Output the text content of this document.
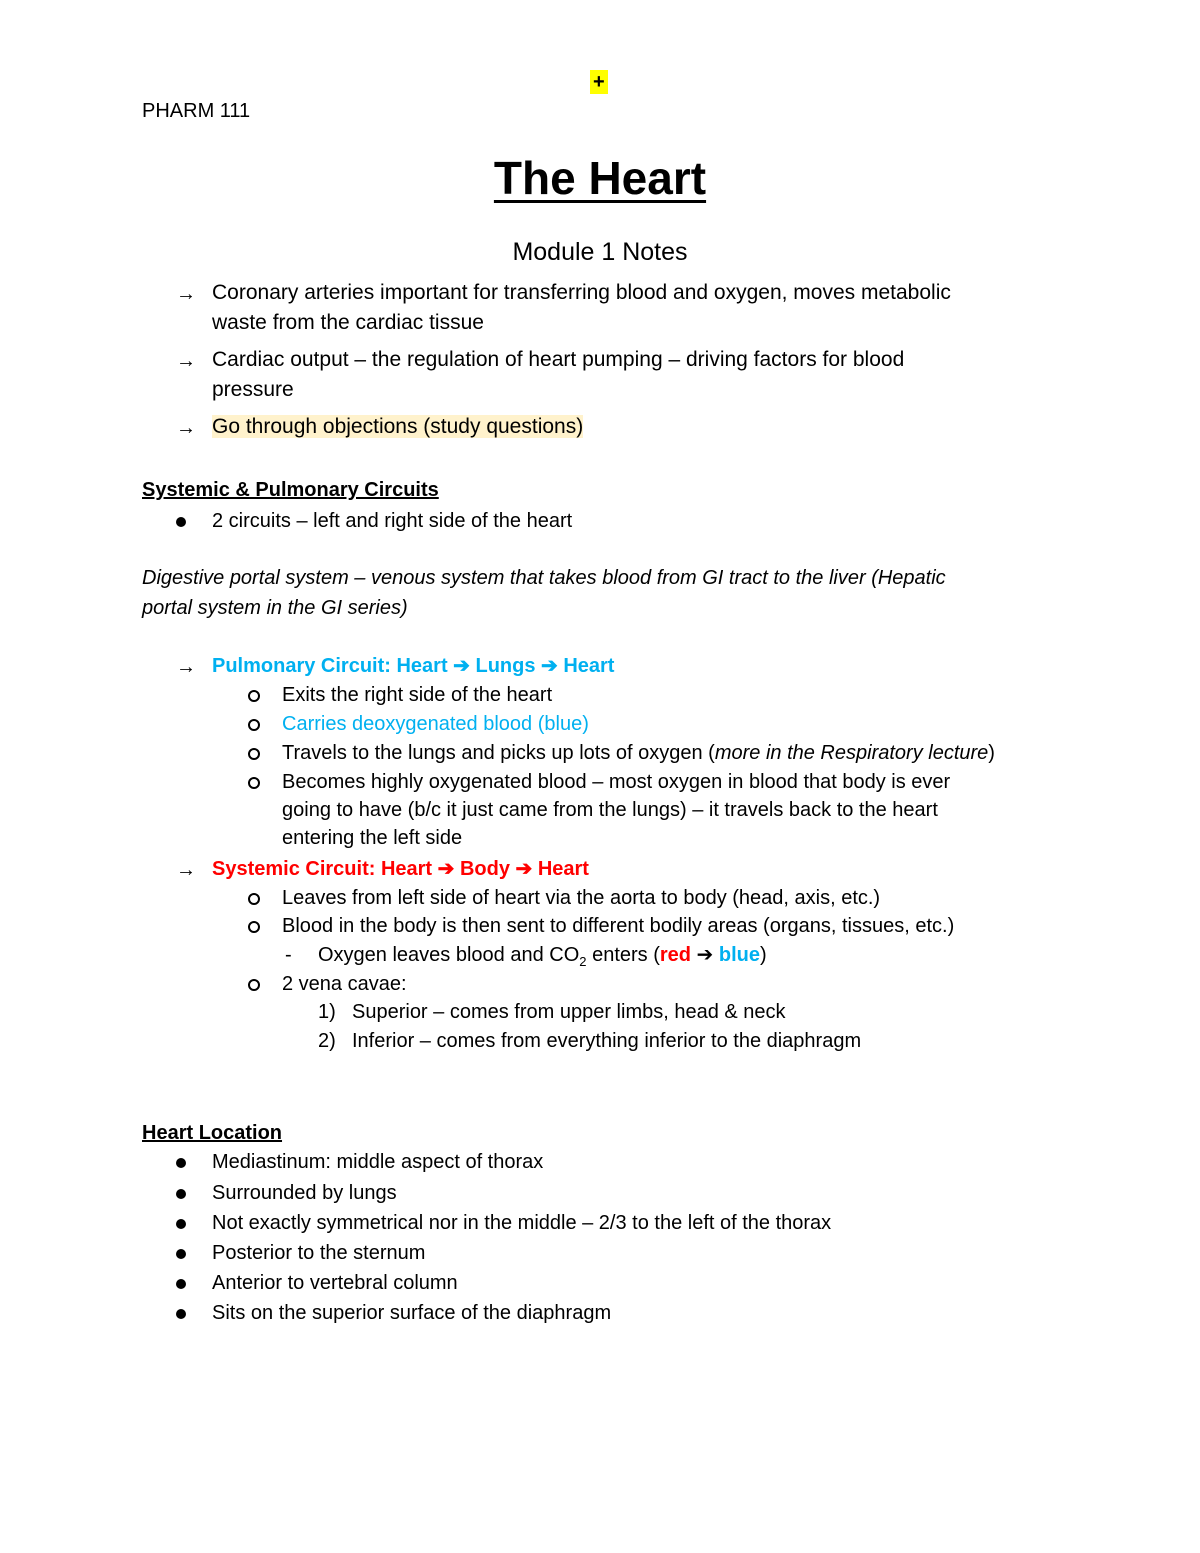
+
PHARM 111
The Heart
Module 1 Notes
→ Coronary arteries important for transferring blood and oxygen, moves metabolic
waste from the cardiac tissue
→ Cardiac output – the regulation of heart pumping – driving factors for blood
pressure
→ Go through objections (study questions)
Systemic & Pulmonary Circuits
2 circuits – left and right side of the heart
Digestive portal system – venous system that takes blood from GI tract to the liver (Hepatic
portal system in the GI series)
→ Pulmonary Circuit: Heart ➔ Lungs ➔ Heart
Exits the right side of the heart
Carries deoxygenated blood (blue)
Travels to the lungs and picks up lots of oxygen (more in the Respiratory lecture)
Becomes highly oxygenated blood – most oxygen in blood that body is ever
going to have (b/c it just came from the lungs) – it travels back to the heart
entering the left side
→ Systemic Circuit: Heart ➔ Body ➔ Heart
Leaves from left side of heart via the aorta to body (head, axis, etc.)
Blood in the body is then sent to different bodily areas (organs, tissues, etc.)
- Oxygen leaves blood and $CO_2$ enters (red ➔ blue)
2 vena cavae:
1) Superior – comes from upper limbs, head & neck
2) Inferior – comes from everything inferior to the diaphragm
Heart Location
Mediastinum: middle aspect of thorax
Surrounded by lungs
Not exactly symmetrical nor in the middle – 2/3 to the left of the thorax
Posterior to the sternum
Anterior to vertebral column
Sits on the superior surface of the diaphragm
